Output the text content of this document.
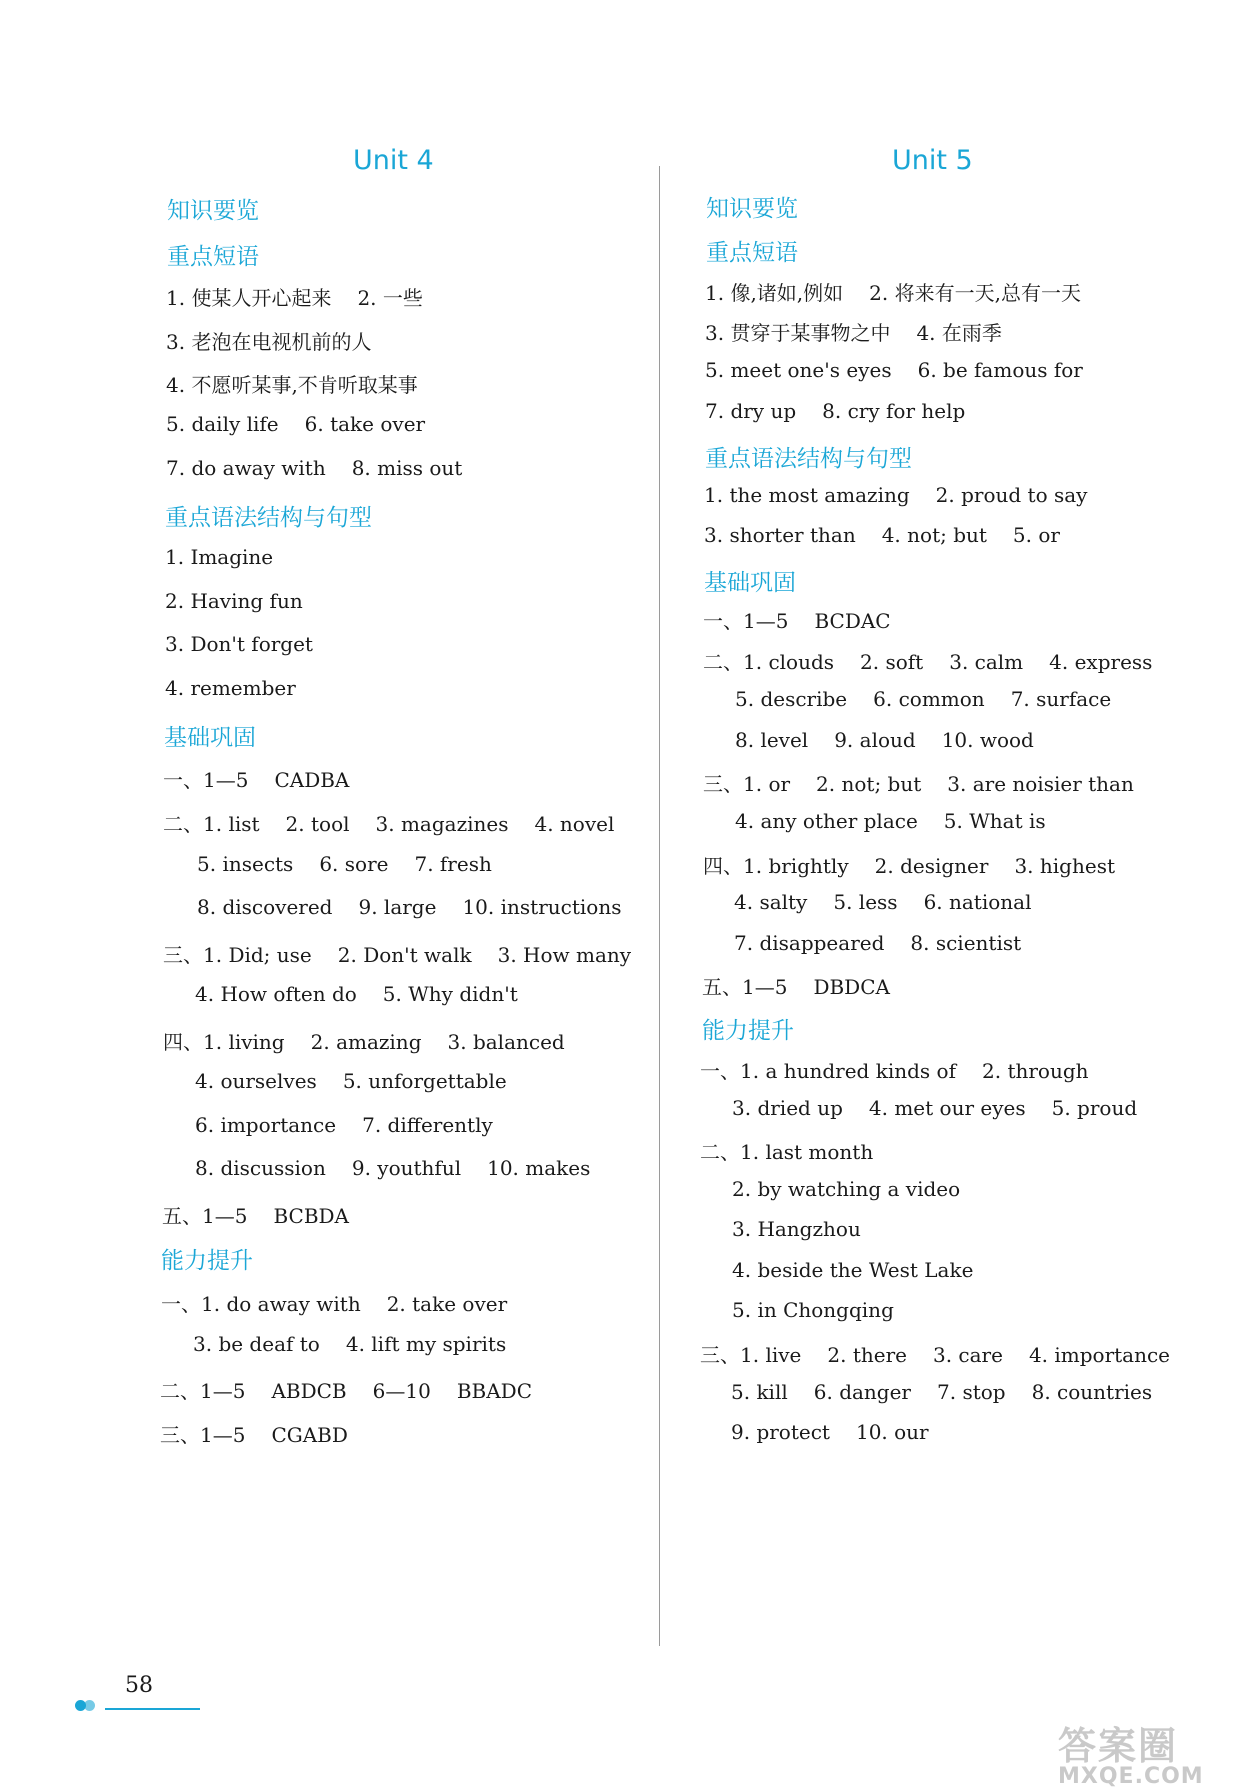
Unit 4
知识要览
重点短语
1. 使某人开心起来 2. 一些
3. 老泡在电视机前的人
4. 不愿听某事,不肯听取某事
5. daily life 6. take over
7. do away with 8. miss out
重点语法结构与句型
1. Imagine
2. Having fun
3. Don't forget
4. remember
基础巩固
一、1—5 CADBA
二、1. list 2. tool 3. magazines 4. novel
5. insects 6. sore 7. fresh
8. discovered 9. large 10. instructions
三、1. Did; use 2. Don't walk 3. How many
4. How often do 5. Why didn't
四、1. living 2. amazing 3. balanced
4. ourselves 5. unforgettable
6. importance 7. differently
8. discussion 9. youthful 10. makes
五、1—5 BCBDA
能力提升
一、1. do away with 2. take over
3. be deaf to 4. lift my spirits
二、1—5 ABDCB 6—10 BBADC
三、1—5 CGABD
Unit 5
知识要览
重点短语
1. 像,诸如,例如 2. 将来有一天,总有一天
3. 贯穿于某事物之中 4. 在雨季
5. meet one's eyes 6. be famous for
7. dry up 8. cry for help
重点语法结构与句型
1. the most amazing 2. proud to say
3. shorter than 4. not; but 5. or
基础巩固
一、1—5 BCDAC
二、1. clouds 2. soft 3. calm 4. express
5. describe 6. common 7. surface
8. level 9. aloud 10. wood
三、1. or 2. not; but 3. are noisier than
4. any other place 5. What is
四、1. brightly 2. designer 3. highest
4. salty 5. less 6. national
7. disappeared 8. scientist
五、1—5 DBDCA
能力提升
一、1. a hundred kinds of 2. through
3. dried up 4. met our eyes 5. proud
二、1. last month
2. by watching a video
3. Hangzhou
4. beside the West Lake
5. in Chongqing
三、1. live 2. there 3. care 4. importance
5. kill 6. danger 7. stop 8. countries
9. protect 10. our
58
答案圈
MXQE.COM
